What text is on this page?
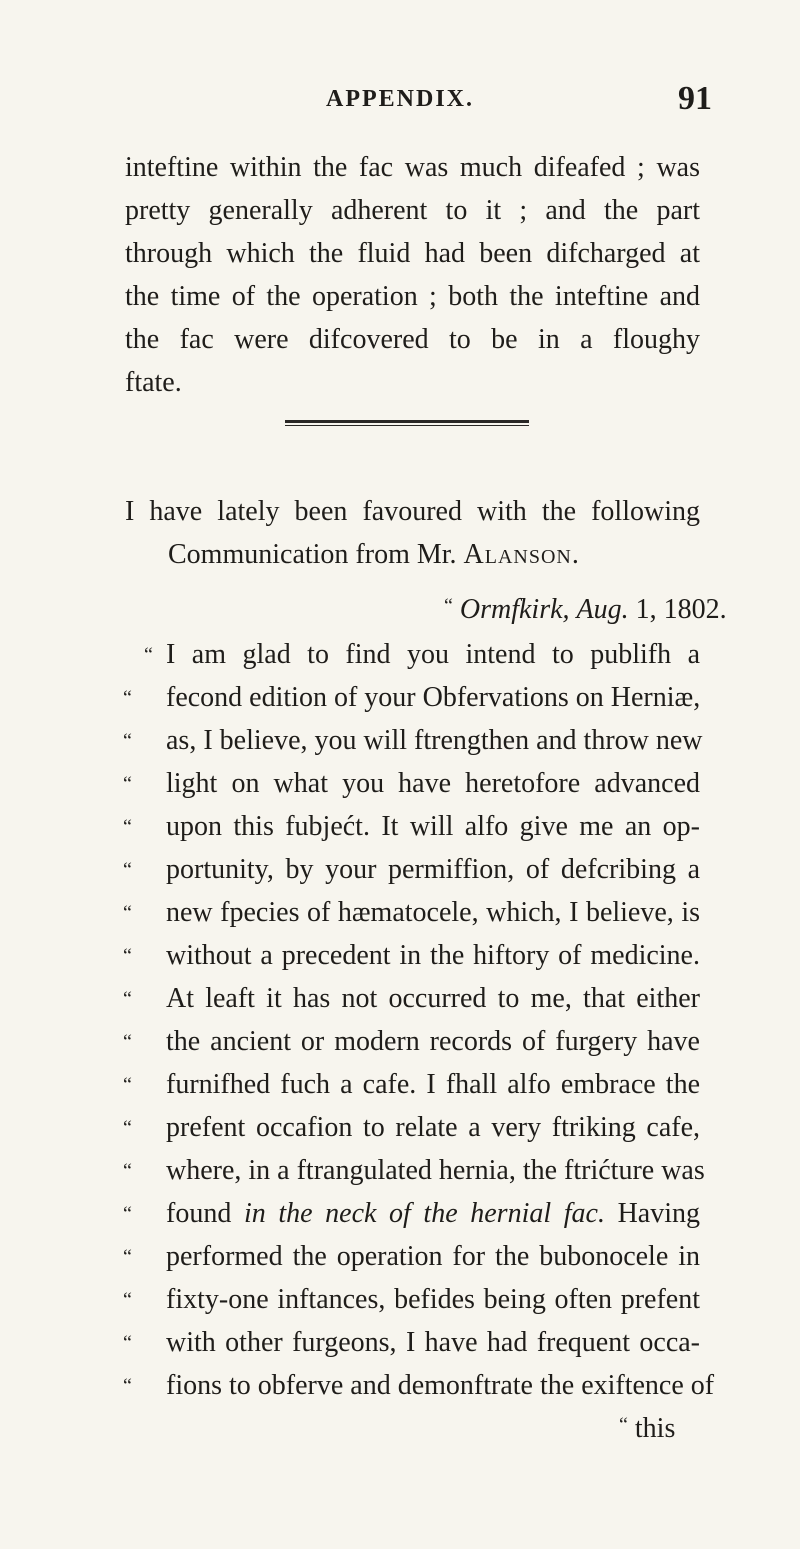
APPENDIX.	91
inteftine within the fac was much difeafed ; was
pretty generally adherent to it ; and the part
through which the fluid had been difcharged at
the time of the operation ; both the inteftine and
the fac were difcovered to be in a floughy
ftate.
I have lately been favoured with the following
Communication from Mr. Alanson.
“ Ormfkirk, Aug. 1, 1802.
“ I am glad to find you intend to publifh a
“	fecond edition of your Obfervations on Herniæ,
“	as, I believe, you will ftrengthen and throw new
“	light on what you have heretofore advanced
“	upon this fubjećt. It will alfo give me an op-
“	portunity, by your permiffion, of defcribing a
“	new fpecies of hæmatocele, which, I believe, is
“	without a precedent in the hiftory of medicine.
“	At leaft it has not occurred to me, that either
“	the ancient or modern records of furgery have
“	furnifhed fuch a cafe. I fhall alfo embrace the
“	prefent occafion to relate a very ftriking cafe,
“	where, in a ftrangulated hernia, the ftrićture was
“	found in the neck of the hernial fac. Having
“	performed the operation for the bubonocele in
“	fixty-one inftances, befides being often prefent
“	with other furgeons, I have had frequent occa-
“	fions to obferve and demonftrate the exiftence of
“ this
